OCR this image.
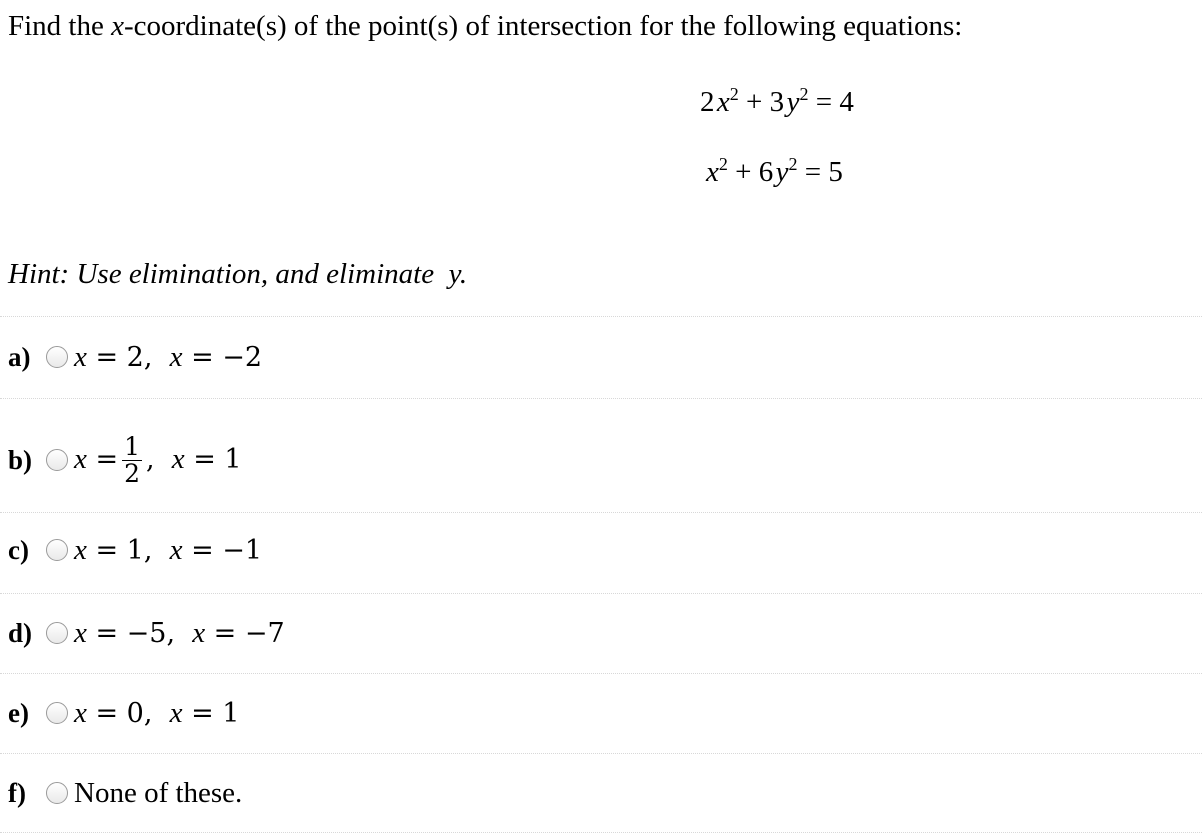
Find the x-coordinate(s) of the point(s) of intersection for the following equations:
2 $x^2 + 3$ $y^2 = 4$
$x^2 + 6$ $y^2 = 5$
Hint: Use elimination, and eliminate y.
a)	x = 2, x = −2
b)	$x = \frac{1}{2}$ , x = 1
c)	x = 1, x = −1
d)	x = −5, x = −7
e)	x = 0, x = 1
f)	None of these.
